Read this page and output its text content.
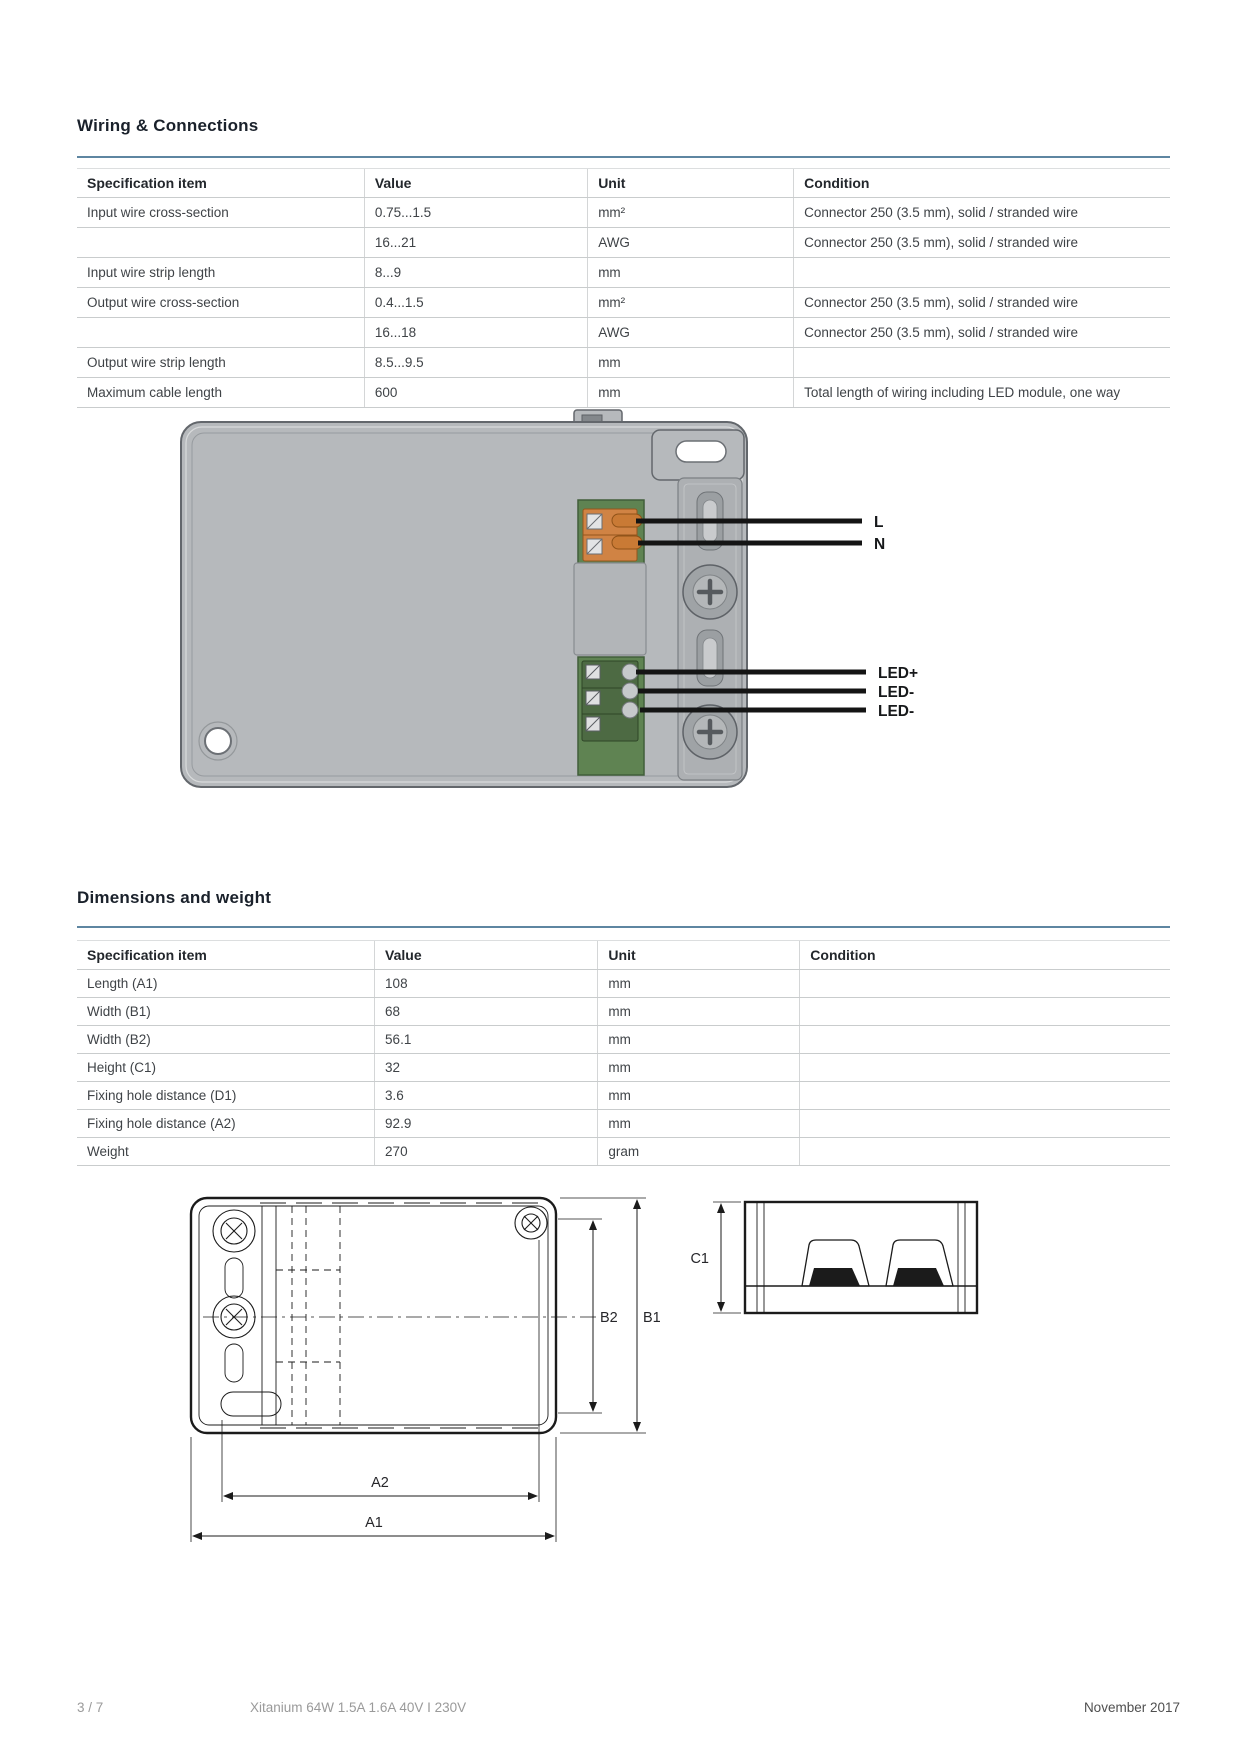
Wiring & Connections
Specification item	Value	Unit	Condition
Input wire cross-section	0.75...1.5	mm²	Connector 250 (3.5 mm), solid / stranded wire
	16...21	AWG	Connector 250 (3.5 mm), solid / stranded wire
Input wire strip length	8...9	mm	
Output wire cross-section	0.4...1.5	mm²	Connector 250 (3.5 mm), solid / stranded wire
	16...18	AWG	Connector 250 (3.5 mm), solid / stranded wire
Output wire strip length	8.5...9.5	mm	
Maximum cable length	600	mm	Total length of wiring including LED module, one way
L
N
LED+
LED-
LED-
Dimensions and weight
Specification item	Value	Unit	Condition
Length (A1)	108	mm	
Width (B1)	68	mm	
Width (B2)	56.1	mm	
Height (C1)	32	mm	
Fixing hole distance (D1)	3.6	mm	
Fixing hole distance (A2)	92.9	mm	
Weight	270	gram	
B2 B1
A2
A1
C1
3 / 7	Xitanium 64W 1.5A 1.6A 40V I 230V	November 2017
